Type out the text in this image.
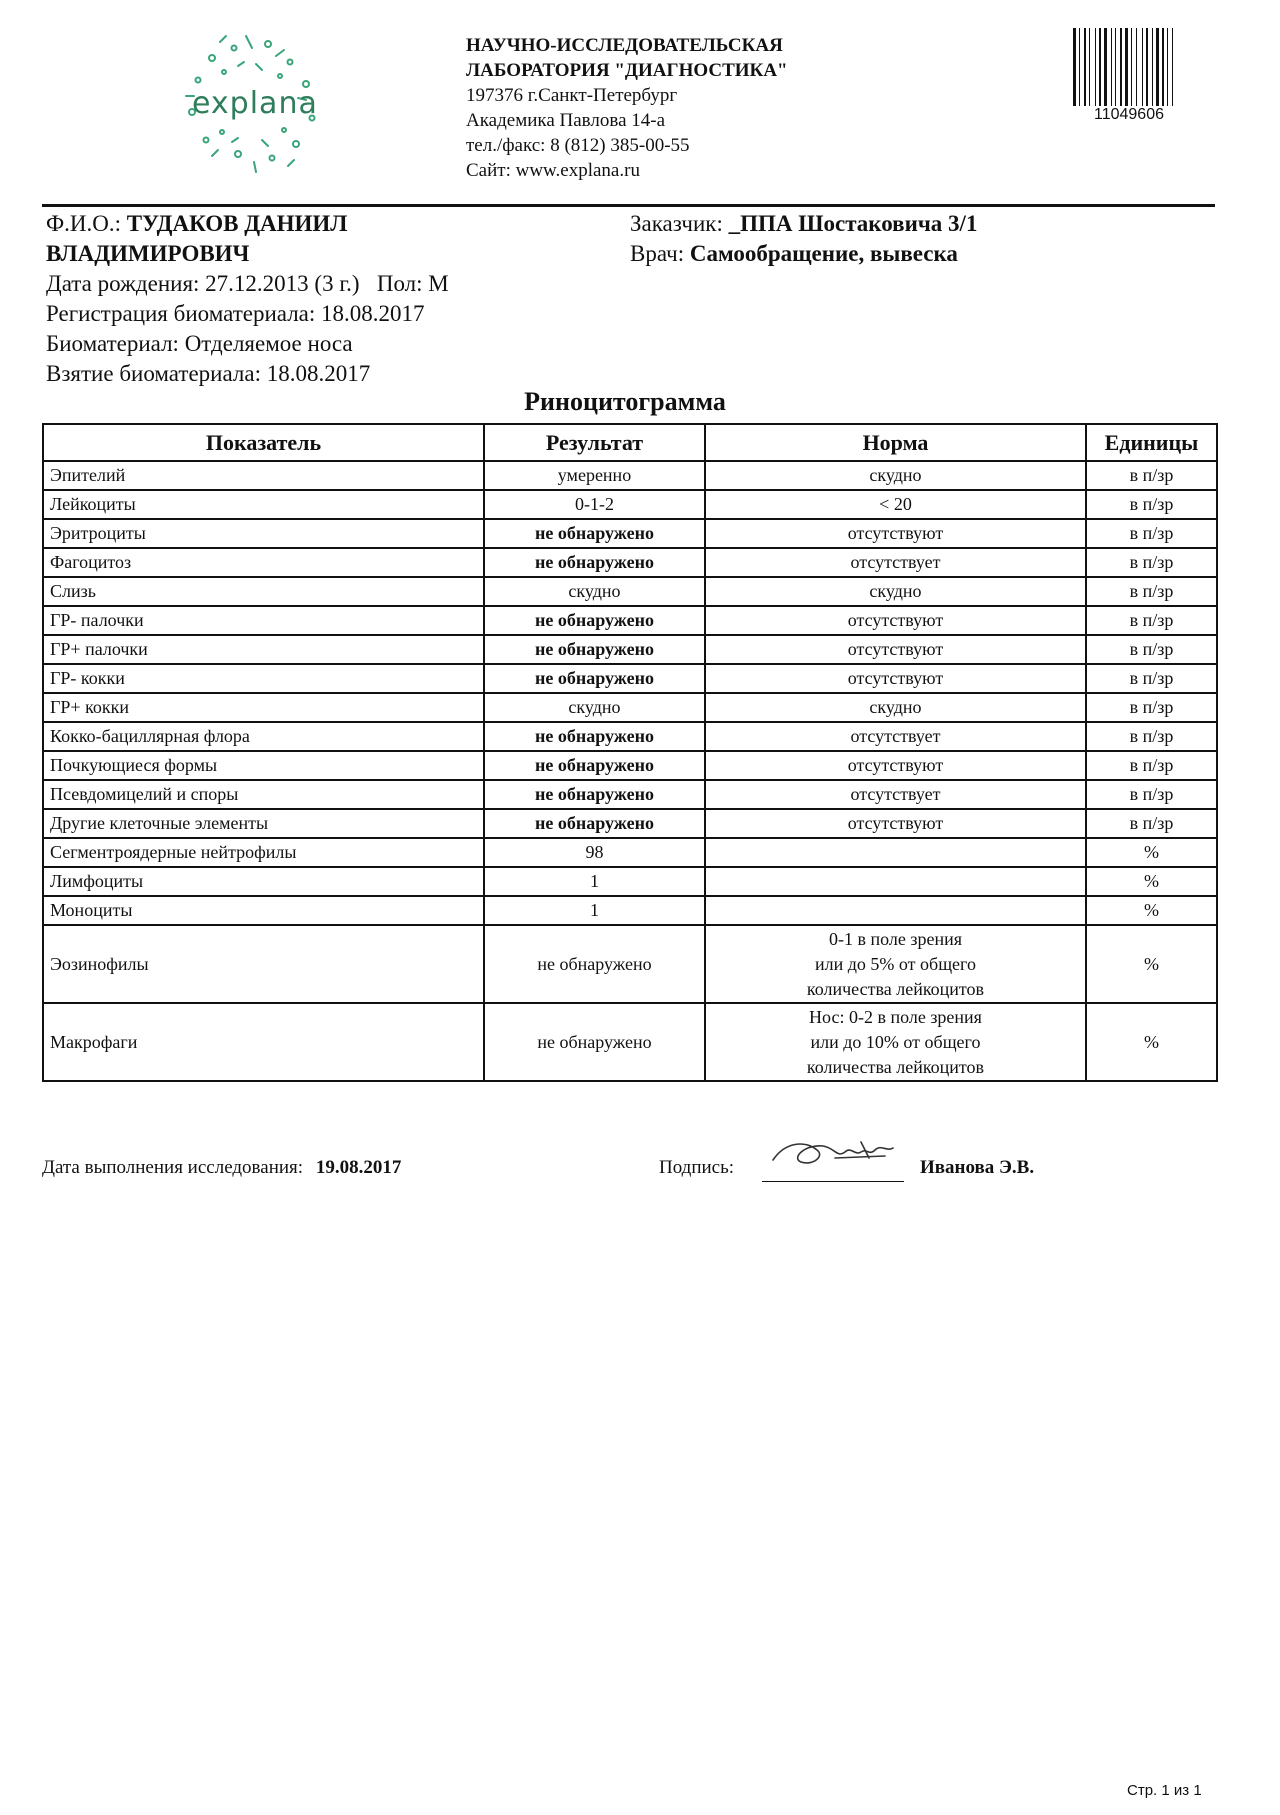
explana
НАУЧНО-ИССЛЕДОВАТЕЛЬСКАЯ
ЛАБОРАТОРИЯ "ДИАГНОСТИКА"
197376 г.Санкт-Петербург
Академика Павлова 14-а
тел./факс: 8 (812) 385-00-55
Сайт: www.explana.ru
11049606
Ф.И.О.: ТУДАКОВ ДАНИИЛ
ВЛАДИМИРОВИЧ
Дата рождения: 27.12.2013 (3 г.) Пол: М
Регистрация биоматериала: 18.08.2017
Биоматериал: Отделяемое носа
Взятие биоматериала: 18.08.2017
Заказчик: _ППА Шостаковича 3/1
Врач: Самообращение, вывеска
Риноцитограмма
Показатель	Результат	Норма	Единицы
Эпителий	умеренно	скудно	в п/зр
Лейкоциты	0-1-2	< 20	в п/зр
Эритроциты	не обнаружено	отсутствуют	в п/зр
Фагоцитоз	не обнаружено	отсутствует	в п/зр
Слизь	скудно	скудно	в п/зр
ГР- палочки	не обнаружено	отсутствуют	в п/зр
ГР+ палочки	не обнаружено	отсутствуют	в п/зр
ГР- кокки	не обнаружено	отсутствуют	в п/зр
ГР+ кокки	скудно	скудно	в п/зр
Кокко-бациллярная флора	не обнаружено	отсутствует	в п/зр
Почкующиеся формы	не обнаружено	отсутствуют	в п/зр
Псевдомицелий и споры	не обнаружено	отсутствует	в п/зр
Другие клеточные элементы	не обнаружено	отсутствуют	в п/зр
Сегментроядерные нейтрофилы	98		%
Лимфоциты	1		%
Моноциты	1		%
Эозинофилы	не обнаружено	0-1 в поле зрения
или до 5% от общего
количества лейкоцитов	%
Макрофаги	не обнаружено	Нос: 0-2 в поле зрения
или до 10% от общего
количества лейкоцитов	%
Дата выполнения исследования: 19.08.2017	Подпись:	Иванова Э.В.
Стр. 1 из 1
